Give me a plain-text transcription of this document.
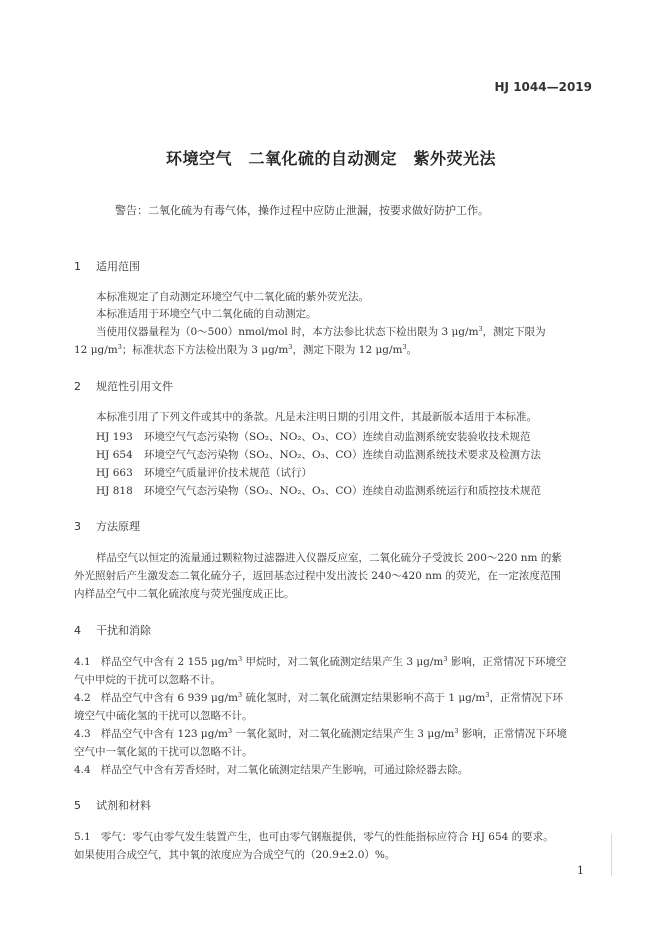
HJ 1044—2019
环境空气　二氧化硫的自动测定　紫外荧光法
警告：二氧化硫为有毒气体，操作过程中应防止泄漏，按要求做好防护工作。
1 适用范围
本标准规定了自动测定环境空气中二氧化硫的紫外荧光法。
本标准适用于环境空气中二氧化硫的自动测定。
当使用仪器量程为（0～500）nmol/mol 时，本方法参比状态下检出限为 3 $\mu g/m^3$，测定下限为
12 $\mu g/m^3$；标准状态下方法检出限为 3 $\mu g/m^3$，测定下限为 12 $\mu g/m^3$。
2 规范性引用文件
本标准引用了下列文件或其中的条款。凡是未注明日期的引用文件，其最新版本适用于本标准。
HJ 193 环境空气气态污染物（SO₂、NO₂、O₃、CO）连续自动监测系统安装验收技术规范
HJ 654 环境空气气态污染物（SO₂、NO₂、O₃、CO）连续自动监测系统技术要求及检测方法
HJ 663 环境空气质量评价技术规范（试行）
HJ 818 环境空气气态污染物（SO₂、NO₂、O₃、CO）连续自动监测系统运行和质控技术规范
3 方法原理
样品空气以恒定的流量通过颗粒物过滤器进入仪器反应室，二氧化硫分子受波长 200～220 nm 的紫
外光照射后产生激发态二氧化硫分子，返回基态过程中发出波长 240～420 nm 的荧光，在一定浓度范围
内样品空气中二氧化硫浓度与荧光强度成正比。
4 干扰和消除
4.1 样品空气中含有 2 155 $\mu g/m^3$ 甲烷时，对二氧化硫测定结果产生 3 $\mu g/m^3$ 影响，正常情况下环境空
气中甲烷的干扰可以忽略不计。
4.2 样品空气中含有 6 939 $\mu g/m^3$ 硫化氢时，对二氧化硫测定结果影响不高于 1 $\mu g/m^3$，正常情况下环
境空气中硫化氢的干扰可以忽略不计。
4.3 样品空气中含有 123 $\mu g/m^3$ 一氧化氮时，对二氧化硫测定结果产生 3 $\mu g/m^3$ 影响，正常情况下环境
空气中一氧化氮的干扰可以忽略不计。
4.4 样品空气中含有芳香烃时，对二氧化硫测定结果产生影响，可通过除烃器去除。
5 试剂和材料
5.1 零气：零气由零气发生装置产生，也可由零气钢瓶提供，零气的性能指标应符合 HJ 654 的要求。
如果使用合成空气，其中氧的浓度应为合成空气的（20.9±2.0）%。
1
